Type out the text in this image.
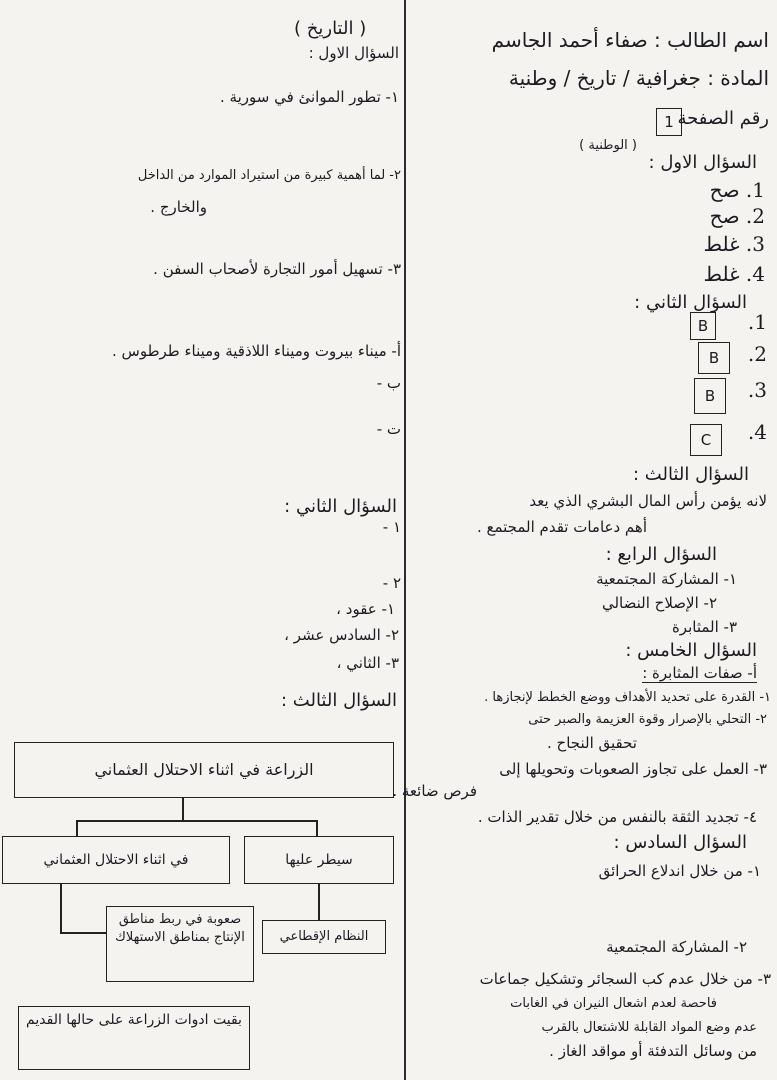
اسم الطالب : صفاء أحمد الجاسم
المادة : جغرافية / تاريخ / وطنية
رقم الصفحة
1
( الوطنية )
السؤال الاول :
1. صح
2. صح
3. غلط
4. غلط
السؤال الثاني :
1.
B
2.
B
3.
B
4.
C
السؤال الثالث :
لانه يؤمن رأس المال البشري الذي يعد
أهم دعامات تقدم المجتمع .
السؤال الرابع :
١- المشاركة المجتمعية
٢- الإصلاح النضالي
٣- المثابرة
السؤال الخامس :
أ- صفات المثابرة :
١- القدرة على تحديد الأهداف ووضع الخطط لإنجازها .
٢- التحلي بالإصرار وقوة العزيمة والصبر حتى
تحقيق النجاح .
٣- العمل على تجاوز الصعوبات وتحويلها إلى
فرص ضائعة .
٤- تجديد الثقة بالنفس من خلال تقدير الذات .
السؤال السادس :
١- من خلال اندلاع الحرائق
٢- المشاركة المجتمعية
٣- من خلال عدم كب السجائر وتشكيل جماعات
فاحصة لعدم اشعال النيران في الغابات
عدم وضع المواد القابلة للاشتعال بالقرب
من وسائل التدفئة أو مواقد الغاز .
( التاريخ )
السؤال الاول :
١- تطور الموانئ في سورية .
٢- لما أهمية كبيرة من استيراد الموارد من الداخل
والخارج .
٣- تسهيل أمور التجارة لأصحاب السفن .
أ- ميناء بيروت وميناء اللاذقية وميناء طرطوس .
ب -
ت -
السؤال الثاني :
١ -
٢ -
١- عقود ،
٢- السادس عشر ،
٣- الثاني ،
السؤال الثالث :
الزراعة في اثناء الاحتلال العثماني
في اثناء الاحتلال العثماني	سيطر عليها
صعوبة في ربط مناطق الإنتاج بمناطق الاستهلاك	النظام الإقطاعي
بقيت ادوات الزراعة على حالها القديم
